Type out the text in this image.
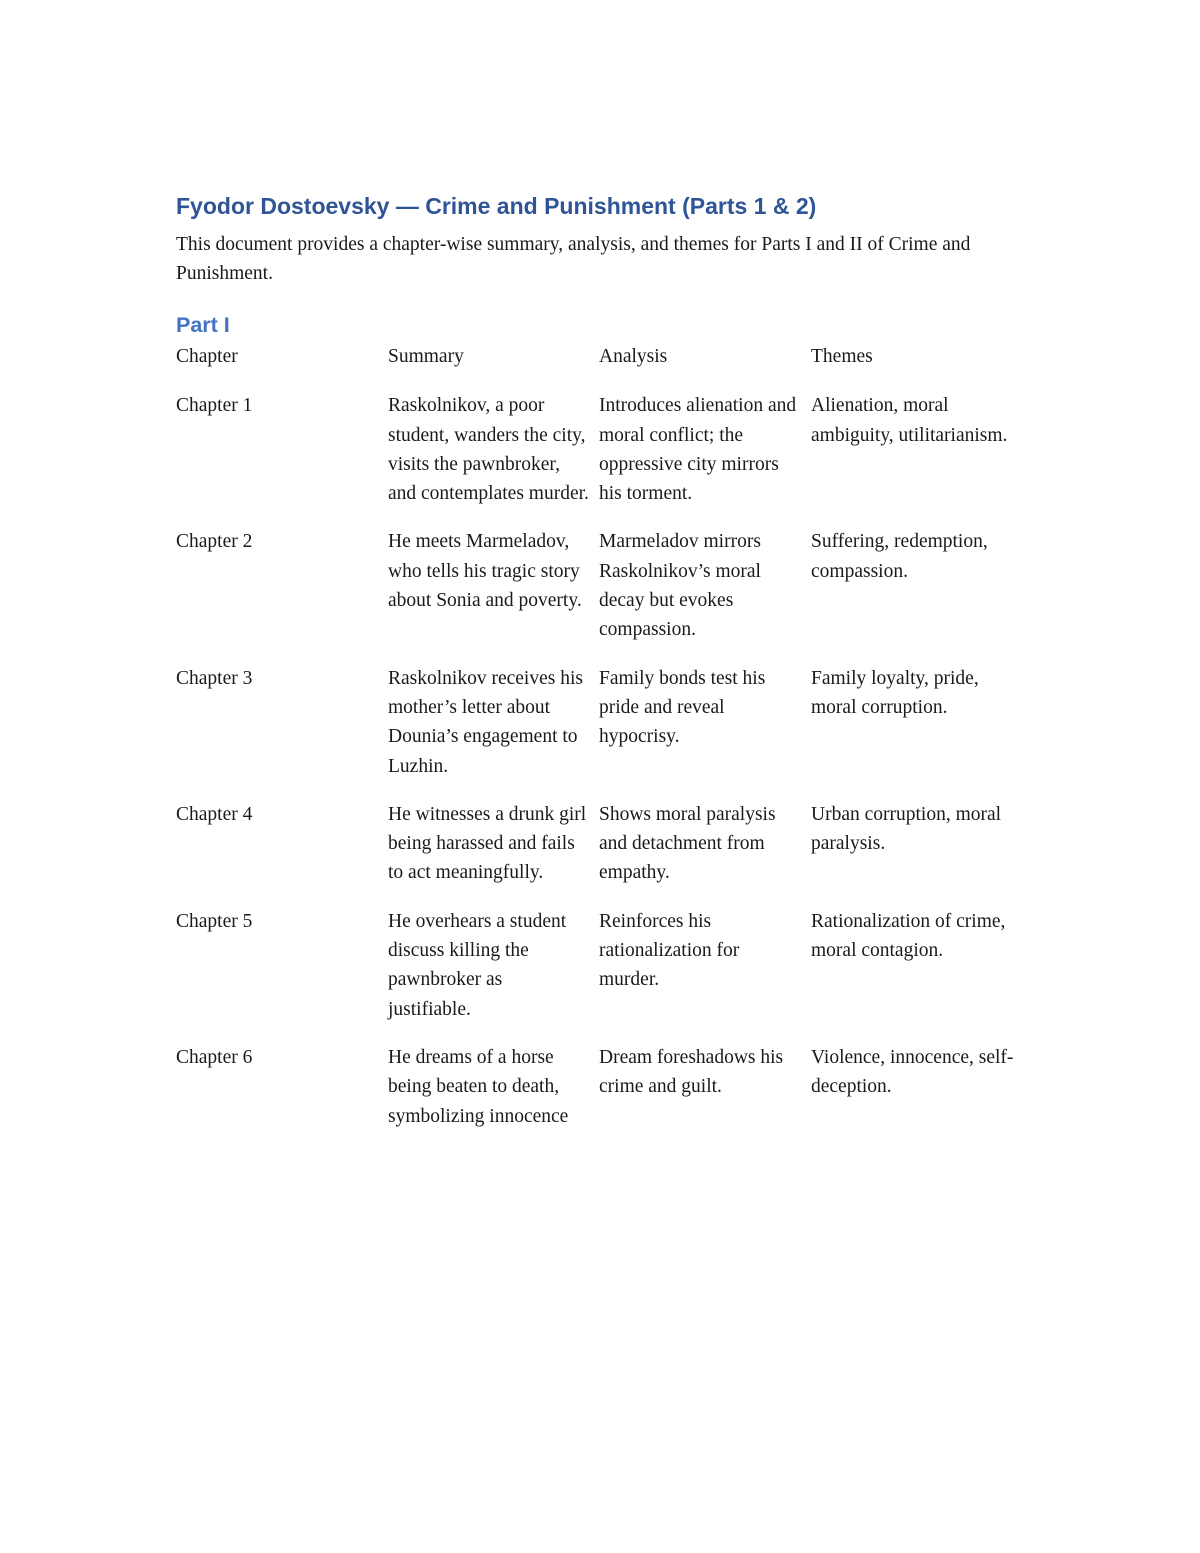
Fyodor Dostoevsky — Crime and Punishment (Parts 1 & 2)

This document provides a chapter-wise summary, analysis, and themes for Parts I and II of Crime and Punishment.

Part I
Chapter	Summary	Analysis	Themes
Chapter 1	Raskolnikov, a poor student, wanders the city, visits the pawnbroker, and contemplates murder.	Introduces alienation and moral conflict; the oppressive city mirrors his torment.	Alienation, moral ambiguity, utilitarianism.
Chapter 2	He meets Marmeladov, who tells his tragic story about Sonia and poverty.	Marmeladov mirrors Raskolnikov’s moral decay but evokes compassion.	Suffering, redemption, compassion.
Chapter 3	Raskolnikov receives his mother’s letter about Dounia’s engagement to Luzhin.	Family bonds test his pride and reveal hypocrisy.	Family loyalty, pride, moral corruption.
Chapter 4	He witnesses a drunk girl being harassed and fails to act meaningfully.	Shows moral paralysis and detachment from empathy.	Urban corruption, moral paralysis.
Chapter 5	He overhears a student discuss killing the pawnbroker as justifiable.	Reinforces his rationalization for murder.	Rationalization of crime, moral contagion.
Chapter 6	He dreams of a horse being beaten to death, symbolizing innocence	Dream foreshadows his crime and guilt.	Violence, innocence, self-deception.
